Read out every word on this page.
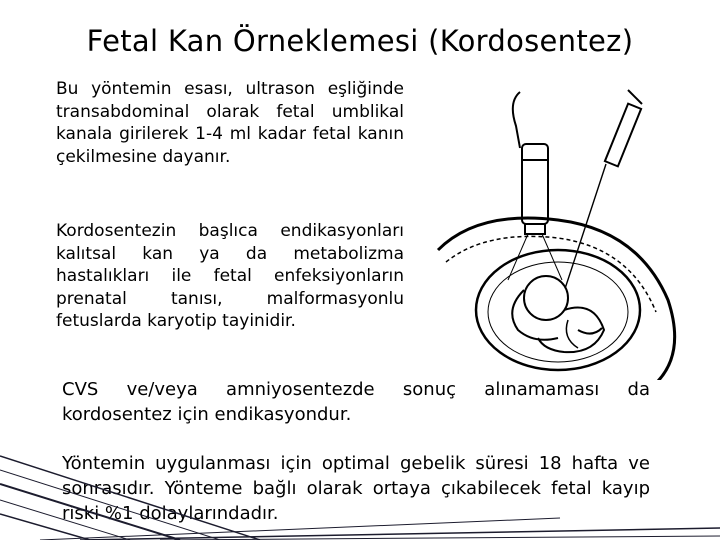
Fetal Kan Örneklemesi (Kordosentez)

Bu yöntemin esası, ultrason eşliğinde transabdominal olarak fetal umblikal kanala girilerek 1-4 ml kadar fetal kanın çekilmesine dayanır.

Kordosentezin başlıca endikasyonları kalıtsal kan ya da metabolizma hastalıkları ile fetal enfeksiyonların prenatal tanısı, malformasyonlu fetuslarda karyotip tayinidir.

CVS ve/veya amniyosentezde sonuç alınamaması da kordosentez için endikasyondur.

Yöntemin uygulanması için optimal gebelik süresi 18 hafta ve sonrasıdır. Yönteme bağlı olarak ortaya çıkabilecek fetal kayıp riski %1 dolaylarındadır.
